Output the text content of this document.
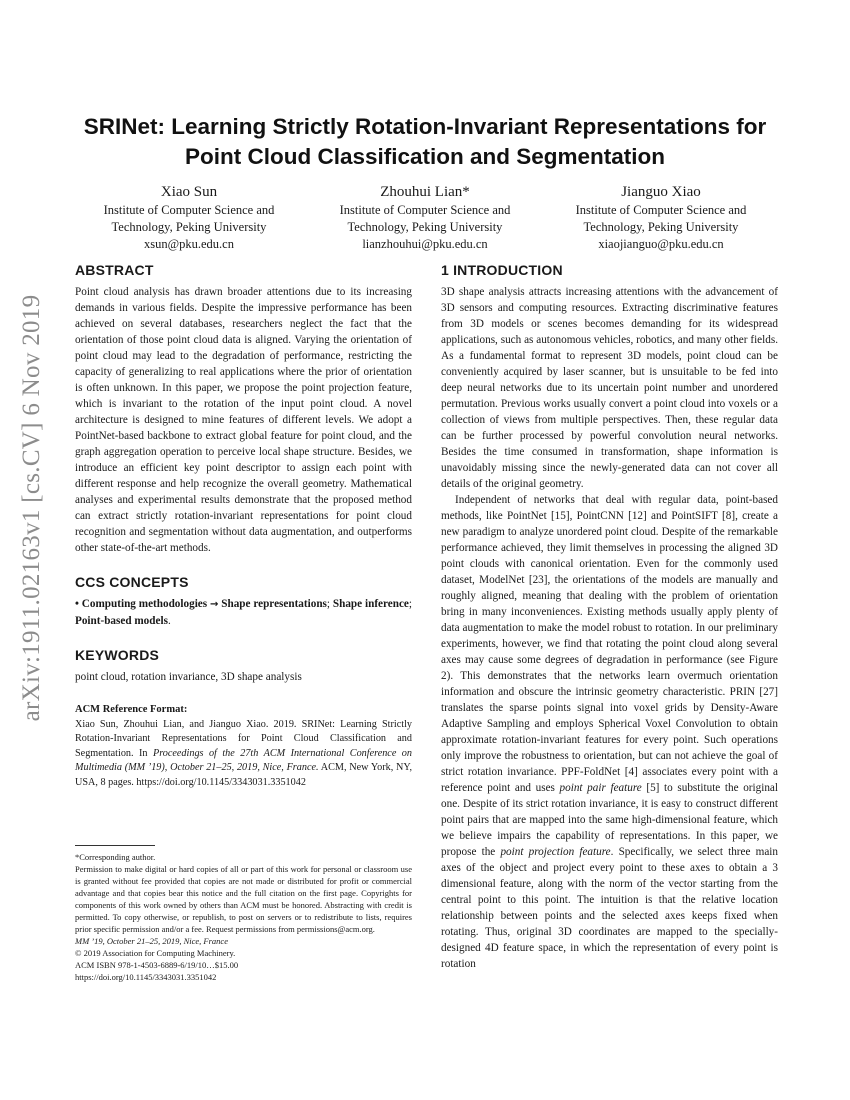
arXiv:1911.02163v1 [cs.CV] 6 Nov 2019
SRINet: Learning Strictly Rotation-Invariant Representations for
Point Cloud Classification and Segmentation
Xiao Sun
Institute of Computer Science and
Technology, Peking University
xsun@pku.edu.cn
Zhouhui Lian*
Institute of Computer Science and
Technology, Peking University
lianzhouhui@pku.edu.cn
Jianguo Xiao
Institute of Computer Science and
Technology, Peking University
xiaojianguo@pku.edu.cn
ABSTRACT

Point cloud analysis has drawn broader attentions due to its increasing demands in various fields. Despite the impressive performance has been achieved on several databases, researchers neglect the fact that the orientation of those point cloud data is aligned. Varying the orientation of point cloud may lead to the degradation of performance, restricting the capacity of generalizing to real applications where the prior of orientation is often unknown. In this paper, we propose the point projection feature, which is invariant to the rotation of the input point cloud. A novel architecture is designed to mine features of different levels. We adopt a PointNet-based backbone to extract global feature for point cloud, and the graph aggregation operation to perceive local shape structure. Besides, we introduce an efficient key point descriptor to assign each point with different response and help recognize the overall geometry. Mathematical analyses and experimental results demonstrate that the proposed method can extract strictly rotation-invariant representations for point cloud recognition and segmentation without data augmentation, and outperforms other state-of-the-art methods.

CCS CONCEPTS

• Computing methodologies → Shape representations; Shape inference; Point-based models.

KEYWORDS

point cloud, rotation invariance, 3D shape analysis

ACM Reference Format:

Xiao Sun, Zhouhui Lian, and Jianguo Xiao. 2019. SRINet: Learning Strictly Rotation-Invariant Representations for Point Cloud Classification and Segmentation. In Proceedings of the 27th ACM International Conference on Multimedia (MM ’19), October 21–25, 2019, Nice, France. ACM, New York, NY, USA, 8 pages. https://doi.org/10.1145/3343031.3351042

*Corresponding author.
Permission to make digital or hard copies of all or part of this work for personal or classroom use is granted without fee provided that copies are not made or distributed for profit or commercial advantage and that copies bear this notice and the full citation on the first page. Copyrights for components of this work owned by others than ACM must be honored. Abstracting with credit is permitted. To copy otherwise, or republish, to post on servers or to redistribute to lists, requires prior specific permission and/or a fee. Request permissions from permissions@acm.org.
MM ’19, October 21–25, 2019, Nice, France
© 2019 Association for Computing Machinery.
ACM ISBN 978-1-4503-6889-6/19/10…$15.00
https://doi.org/10.1145/3343031.3351042
1 INTRODUCTION

3D shape analysis attracts increasing attentions with the advancement of 3D sensors and computing resources. Extracting discriminative features from 3D models or scenes becomes demanding for its widespread applications, such as autonomous vehicles, robotics, and many other fields. As a fundamental format to represent 3D models, point cloud can be conveniently acquired by laser scanner, but is unsuitable to be fed into deep neural networks due to its uncertain point number and unordered permutation. Previous works usually convert a point cloud into voxels or a collection of views from multiple perspectives. Then, these regular data can be further processed by powerful convolution neural networks. Besides the time consumed in transformation, shape information is unavoidably missing since the newly-generated data can not cover all details of the original geometry.

Independent of networks that deal with regular data, point-based methods, like PointNet [15], PointCNN [12] and PointSIFT [8], create a new paradigm to analyze unordered point cloud. Despite of the remarkable performance achieved, they limit themselves in processing the aligned 3D point clouds with canonical orientation. Even for the commonly used dataset, ModelNet [23], the orientations of the models are manually and roughly aligned, meaning that dealing with the problem of orientation bring in many inconveniences. Existing methods usually apply plenty of data augmentation to make the model robust to rotation. In our preliminary experiments, however, we find that rotating the point cloud along several axes may cause some degrees of degradation in performance (see Figure 2). This demonstrates that the networks learn overmuch orientation information and obscure the intrinsic geometry characteristic. PRIN [27] translates the sparse points signal into voxel grids by Density-Aware Adaptive Sampling and employs Spherical Voxel Convolution to obtain approximate rotation-invariant features for every point. Such operations only improve the robustness to orientation, but can not achieve the goal of strict rotation invariance. PPF-FoldNet [4] associates every point with a reference point and uses point pair feature [5] to substitute the original one. Despite of its strict rotation invariance, it is easy to construct different point pairs that are mapped into the same high-dimensional feature, which we believe impairs the capability of representations. In this paper, we propose the point projection feature. Specifically, we select three main axes of the object and project every point to these axes to obtain a 3 dimensional feature, along with the norm of the vector starting from the central point to this point. The intuition is that the relative location relationship between points and the selected axes keeps fixed when rotating. Thus, original 3D coordinates are mapped to the specially-designed 4D feature space, in which the representation of every point is rotation
